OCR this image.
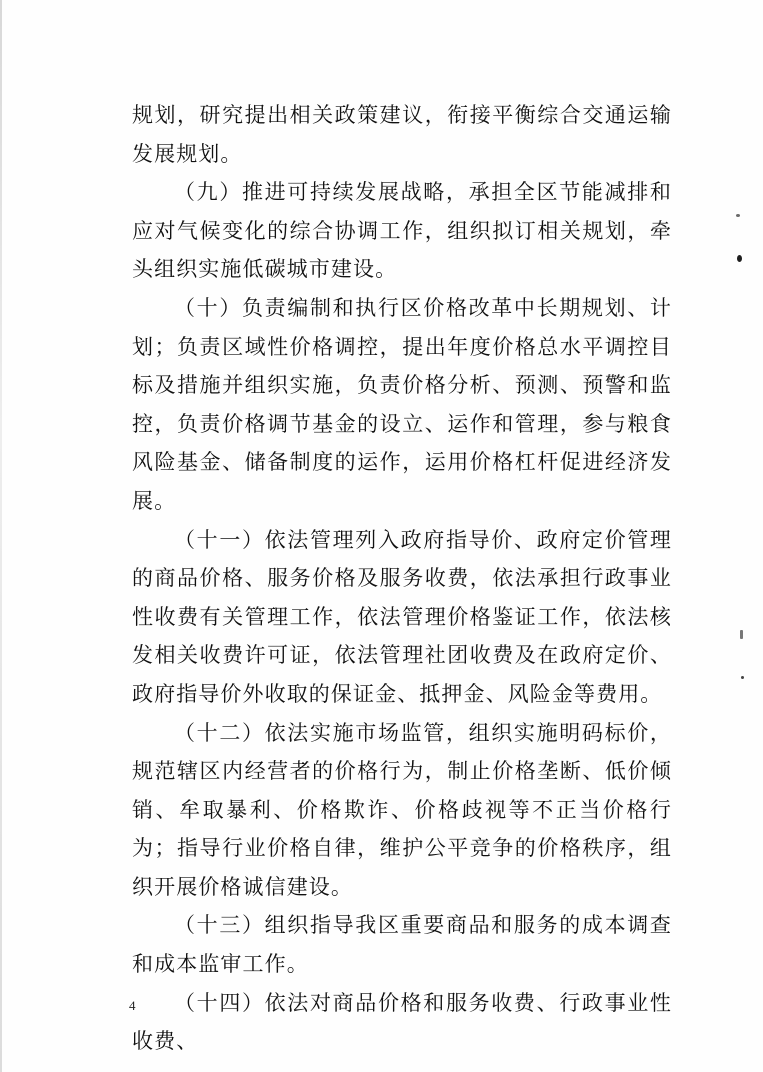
规划，研究提出相关政策建议，衔接平衡综合交通运输发展规划。

（九）推进可持续发展战略，承担全区节能减排和应对气候变化的综合协调工作，组织拟订相关规划，牵头组织实施低碳城市建设。

（十）负责编制和执行区价格改革中长期规划、计划；负责区域性价格调控，提出年度价格总水平调控目标及措施并组织实施，负责价格分析、预测、预警和监控，负责价格调节基金的设立、运作和管理，参与粮食风险基金、储备制度的运作，运用价格杠杆促进经济发展。

（十一）依法管理列入政府指导价、政府定价管理的商品价格、服务价格及服务收费，依法承担行政事业性收费有关管理工作，依法管理价格鉴证工作，依法核发相关收费许可证，依法管理社团收费及在政府定价、政府指导价外收取的保证金、抵押金、风险金等费用。

（十二）依法实施市场监管，组织实施明码标价，规范辖区内经营者的价格行为，制止价格垄断、低价倾销、牟取暴利、价格欺诈、价格歧视等不正当价格行为；指导行业价格自律，维护公平竞争的价格秩序，组织开展价格诚信建设。

（十三）组织指导我区重要商品和服务的成本调查和成本监审工作。

（十四）依法对商品价格和服务收费、行政事业性收费、

4
